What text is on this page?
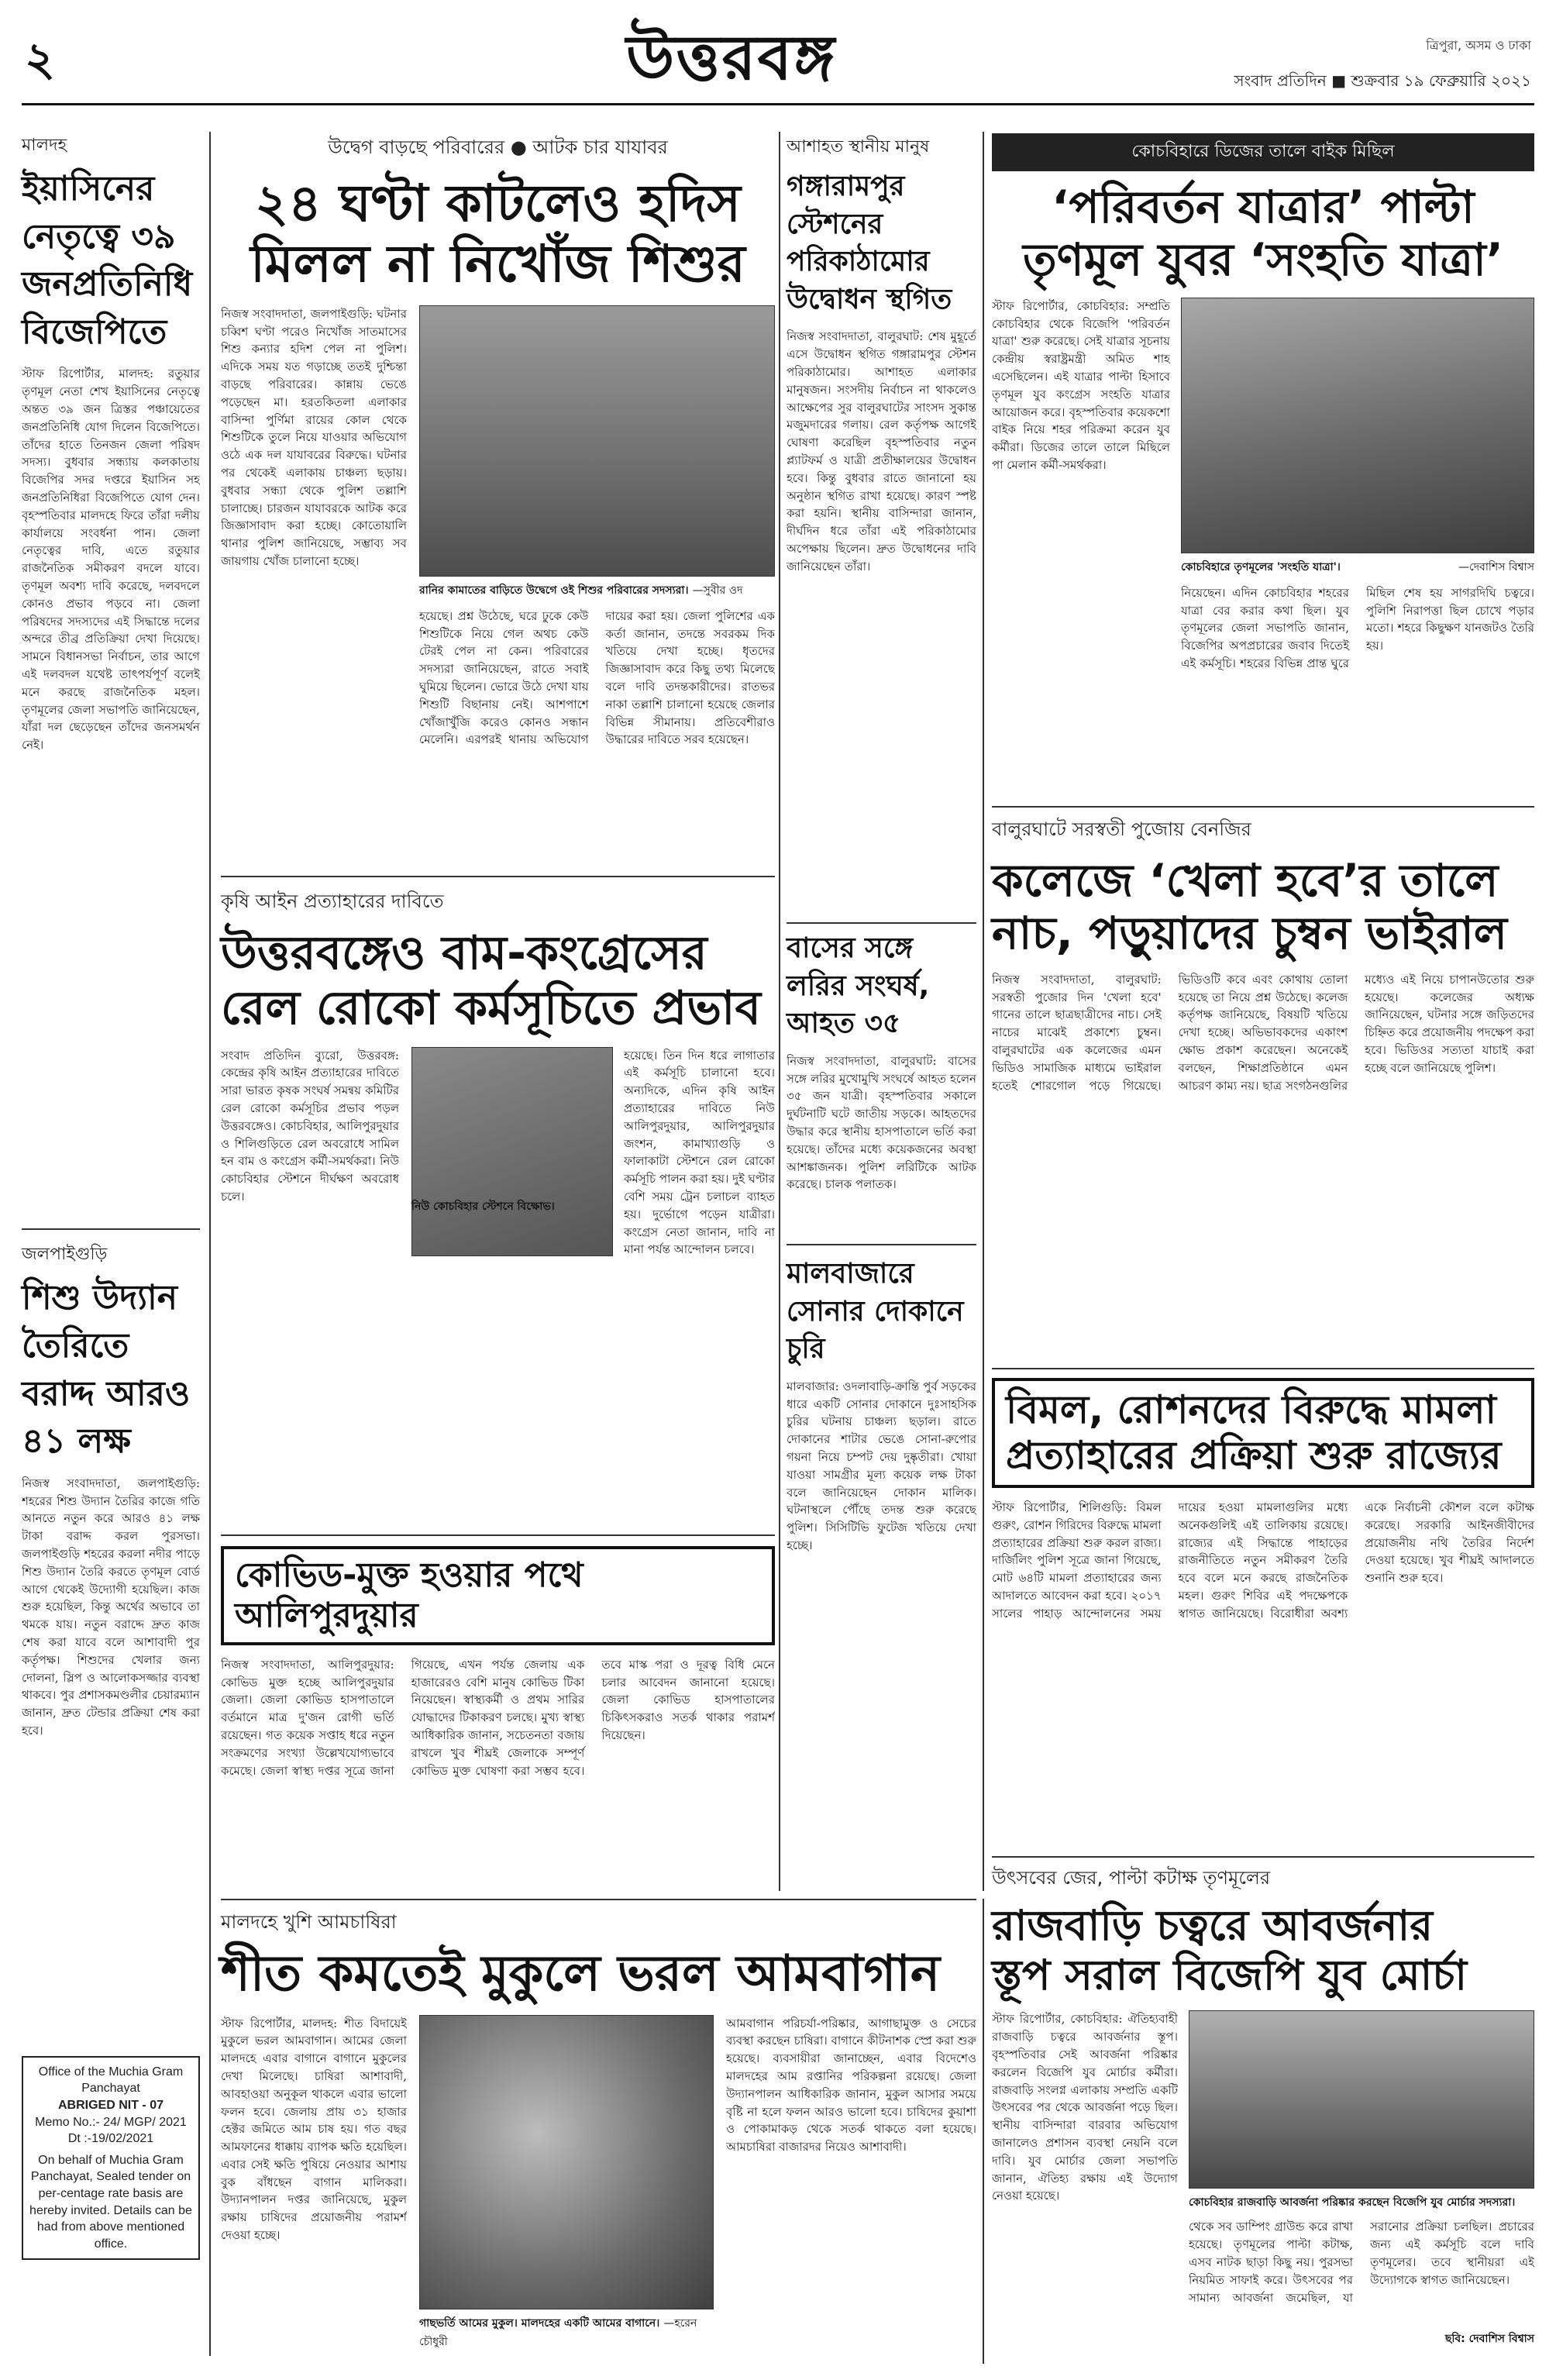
২	উত্তরবঙ্গ	ত্রিপুরা, অসম ও ঢাকা
সংবাদ প্রতিদিন ■ শুক্রবার ১৯ ফেব্রুয়ারি ২০২১
মালদহ
ইয়াসিনের নেতৃত্বে ৩৯ জনপ্রতিনিধি বিজেপিতে
স্টাফ রিপোর্টার, মালদহ: রতুয়ার তৃণমূল নেতা শেখ ইয়াসিনের নেতৃত্বে অন্তত ৩৯ জন ত্রিস্তর পঞ্চায়েতের জনপ্রতিনিধি যোগ দিলেন বিজেপিতে। তাঁদের হাতে তিনজন জেলা পরিষদ সদস্য। বুধবার সন্ধ্যায় কলকাতায় বিজেপির সদর দপ্তরে ইয়াসিন সহ জনপ্রতিনিধিরা বিজেপিতে যোগ দেন। বৃহস্পতিবার মালদহে ফিরে তাঁরা দলীয় কার্যালয়ে সংবর্ধনা পান। জেলা নেতৃত্বের দাবি, এতে রতুয়ার রাজনৈতিক সমীকরণ বদলে যাবে। তৃণমূল অবশ্য দাবি করেছে, দলবদলে কোনও প্রভাব পড়বে না। জেলা পরিষদের সদস্যদের এই সিদ্ধান্তে দলের অন্দরে তীব্র প্রতিক্রিয়া দেখা দিয়েছে। সামনে বিধানসভা নির্বাচন, তার আগে এই দলবদল যথেষ্ট তাৎপর্যপূর্ণ বলেই মনে করছে রাজনৈতিক মহল। তৃণমূলের জেলা সভাপতি জানিয়েছেন, যাঁরা দল ছেড়েছেন তাঁদের জনসমর্থন নেই।
জলপাইগুড়ি
শিশু উদ্যান তৈরিতে বরাদ্দ আরও ৪১ লক্ষ
নিজস্ব সংবাদদাতা, জলপাইগুড়ি: শহরের শিশু উদ্যান তৈরির কাজে গতি আনতে নতুন করে আরও ৪১ লক্ষ টাকা বরাদ্দ করল পুরসভা। জলপাইগুড়ি শহরের করলা নদীর পাড়ে শিশু উদ্যান তৈরি করতে তৃণমূল বোর্ড আগে থেকেই উদ্যোগী হয়েছিল। কাজ শুরু হয়েছিল, কিন্তু অর্থের অভাবে তা থমকে যায়। নতুন বরাদ্দে দ্রুত কাজ শেষ করা যাবে বলে আশাবাদী পুর কর্তৃপক্ষ। শিশুদের খেলার জন্য দোলনা, স্লিপ ও আলোকসজ্জার ব্যবস্থা থাকবে। পুর প্রশাসকমণ্ডলীর চেয়ারম্যান জানান, দ্রুত টেন্ডার প্রক্রিয়া শেষ করা হবে।
Office of the Muchia Gram Panchayat
ABRIGED NIT - 07
Memo No.:- 24/ MGP/ 2021 Dt :-19/02/2021
On behalf of Muchia Gram Panchayat, Sealed tender on per-centage rate basis are hereby invited. Details can be had from above mentioned office.
উদ্বেগ বাড়ছে পরিবারের ● আটক চার যাযাবর
২৪ ঘণ্টা কাটলেও হদিস
মিলল না নিখোঁজ শিশুর
নিজস্ব সংবাদদাতা, জলপাইগুড়ি: ঘটনার চব্বিশ ঘণ্টা পরেও নিখোঁজ সাতমাসের শিশু কন্যার হদিশ পেল না পুলিশ। এদিকে সময় যত গড়াচ্ছে ততই দুশ্চিন্তা বাড়ছে পরিবারের। কান্নায় ভেঙে পড়েছেন মা। হরতকিতলা এলাকার বাসিন্দা পুর্ণিমা রায়ের কোল থেকে শিশুটিকে তুলে নিয়ে যাওয়ার অভিযোগ ওঠে এক দল যাযাবরের বিরুদ্ধে। ঘটনার পর থেকেই এলাকায় চাঞ্চল্য ছড়ায়। বুধবার সন্ধ্যা থেকে পুলিশ তল্লাশি চালাচ্ছে। চারজন যাযাবরকে আটক করে জিজ্ঞাসাবাদ করা হচ্ছে। কোতোয়ালি থানার পুলিশ জানিয়েছে, সম্ভাব্য সব জায়গায় খোঁজ চালানো হচ্ছে।
রানির কামাতের বাড়িতে উদ্বেগে ওই শিশুর পরিবারের সদস্যরা। —সুবীর ওদ
হয়েছে। প্রশ্ন উঠেছে, ঘরে ঢুকে কেউ শিশুটিকে নিয়ে গেল অথচ কেউ টেরই পেল না কেন। পরিবারের সদস্যরা জানিয়েছেন, রাতে সবাই ঘুমিয়ে ছিলেন। ভোরে উঠে দেখা যায় শিশুটি বিছানায় নেই। আশপাশে খোঁজাখুঁজি করেও কোনও সন্ধান মেলেনি। এরপরই থানায় অভিযোগ দায়ের করা হয়। জেলা পুলিশের এক কর্তা জানান, তদন্তে সবরকম দিক খতিয়ে দেখা হচ্ছে। ধৃতদের জিজ্ঞাসাবাদ করে কিছু তথ্য মিলেছে বলে দাবি তদন্তকারীদের। রাতভর নাকা তল্লাশি চালানো হয়েছে জেলার বিভিন্ন সীমানায়। প্রতিবেশীরাও উদ্ধারের দাবিতে সরব হয়েছেন।
কৃষি আইন প্রত্যাহারের দাবিতে
উত্তরবঙ্গেও বাম-কংগ্রেসের
রেল রোকো কর্মসূচিতে প্রভাব
সংবাদ প্রতিদিন ব্যুরো, উত্তরবঙ্গ: কেন্দ্রের কৃষি আইন প্রত্যাহারের দাবিতে সারা ভারত কৃষক সংঘর্ষ সমন্বয় কমিটির রেল রোকো কর্মসূচির প্রভাব পড়ল উত্তরবঙ্গেও। কোচবিহার, আলিপুরদুয়ার ও শিলিগুড়িতে রেল অবরোধে সামিল হন বাম ও কংগ্রেস কর্মী-সমর্থকরা। নিউ কোচবিহার স্টেশনে দীর্ঘক্ষণ অবরোধ চলে।
হয়েছে। তিন দিন ধরে লাগাতার এই কর্মসূচি চালানো হবে। অন্যদিকে, এদিন কৃষি আইন প্রত্যাহারের দাবিতে নিউ আলিপুরদুয়ার, আলিপুরদুয়ার জংশন, কামাখ্যাগুড়ি ও ফালাকাটা স্টেশনে রেল রোকো কর্মসূচি পালন করা হয়। দুই ঘণ্টার বেশি সময় ট্রেন চলাচল ব্যাহত হয়। দুর্ভোগে পড়েন যাত্রীরা। কংগ্রেস নেতা জানান, দাবি না মানা পর্যন্ত আন্দোলন চলবে।
নিউ কোচবিহার স্টেশনে বিক্ষোভ।
কোভিড-মুক্ত হওয়ার পথে আলিপুরদুয়ার
নিজস্ব সংবাদদাতা, আলিপুরদুয়ার: কোভিড মুক্ত হচ্ছে আলিপুরদুয়ার জেলা। জেলা কোভিড হাসপাতালে বর্তমানে মাত্র দু'জন রোগী ভর্তি রয়েছেন। গত কয়েক সপ্তাহ ধরে নতুন সংক্রমণের সংখ্যা উল্লেখযোগ্যভাবে কমেছে। জেলা স্বাস্থ্য দপ্তর সূত্রে জানা গিয়েছে, এখন পর্যন্ত জেলায় এক হাজারেরও বেশি মানুষ কোভিড টিকা নিয়েছেন। স্বাস্থ্যকর্মী ও প্রথম সারির যোদ্ধাদের টিকাকরণ চলছে। মুখ্য স্বাস্থ্য আধিকারিক জানান, সচেতনতা বজায় রাখলে খুব শীঘ্রই জেলাকে সম্পূর্ণ কোভিড মুক্ত ঘোষণা করা সম্ভব হবে। তবে মাস্ক পরা ও দূরত্ব বিধি মেনে চলার আবেদন জানানো হয়েছে। জেলা কোভিড হাসপাতালের চিকিৎসকরাও সতর্ক থাকার পরামর্শ দিয়েছেন।
আশাহত স্থানীয় মানুষ
গঙ্গারামপুর স্টেশনের পরিকাঠামোর উদ্বোধন স্থগিত
নিজস্ব সংবাদদাতা, বালুরঘাট: শেষ মুহূর্তে এসে উদ্বোধন স্থগিত গঙ্গারামপুর স্টেশন পরিকাঠামোর। আশাহত এলাকার মানুষজন। সংসদীয় নির্বাচন না থাকলেও আক্ষেপের সুর বালুরঘাটের সাংসদ সুকান্ত মজুমদারের গলায়। রেল কর্তৃপক্ষ আগেই ঘোষণা করেছিল বৃহস্পতিবার নতুন প্ল্যাটফর্ম ও যাত্রী প্রতীক্ষালয়ের উদ্বোধন হবে। কিন্তু বুধবার রাতে জানানো হয় অনুষ্ঠান স্থগিত রাখা হয়েছে। কারণ স্পষ্ট করা হয়নি। স্থানীয় বাসিন্দারা জানান, দীর্ঘদিন ধরে তাঁরা এই পরিকাঠামোর অপেক্ষায় ছিলেন। দ্রুত উদ্বোধনের দাবি জানিয়েছেন তাঁরা।
বাসের সঙ্গে লরির সংঘর্ষ, আহত ৩৫
নিজস্ব সংবাদদাতা, বালুরঘাট: বাসের সঙ্গে লরির মুখোমুখি সংঘর্ষে আহত হলেন ৩৫ জন যাত্রী। বৃহস্পতিবার সকালে দুর্ঘটনাটি ঘটে জাতীয় সড়কে। আহতদের উদ্ধার করে স্থানীয় হাসপাতালে ভর্তি করা হয়েছে। তাঁদের মধ্যে কয়েকজনের অবস্থা আশঙ্কাজনক। পুলিশ লরিটিকে আটক করেছে। চালক পলাতক।
মালবাজারে সোনার দোকানে চুরি
মালবাজার: ওদলাবাড়ি-ক্রান্তি পুর্ব সড়কের ধারে একটি সোনার দোকানে দুঃসাহসিক চুরির ঘটনায় চাঞ্চল্য ছড়াল। রাতে দোকানের শাটার ভেঙে সোনা-রুপোর গয়না নিয়ে চম্পট দেয় দুষ্কৃতীরা। খোয়া যাওয়া সামগ্রীর মূল্য কয়েক লক্ষ টাকা বলে জানিয়েছেন দোকান মালিক। ঘটনাস্থলে পৌঁছে তদন্ত শুরু করেছে পুলিশ। সিসিটিভি ফুটেজ খতিয়ে দেখা হচ্ছে।
কোচবিহারে ডিজের তালে বাইক মিছিল
‘পরিবর্তন যাত্রার’ পাল্টা
তৃণমূল যুবর ‘সংহতি যাত্রা’
স্টাফ রিপোর্টার, কোচবিহার: সম্প্রতি কোচবিহার থেকে বিজেপি 'পরিবর্তন যাত্রা' শুরু করেছে। সেই যাত্রার সূচনায় কেন্দ্রীয় স্বরাষ্ট্রমন্ত্রী অমিত শাহ এসেছিলেন। এই যাত্রার পাল্টা হিসাবে তৃণমূল যুব কংগ্রেস সংহতি যাত্রার আয়োজন করে। বৃহস্পতিবার কয়েকশো বাইক নিয়ে শহর পরিক্রমা করেন যুব কর্মীরা। ডিজের তালে তালে মিছিলে পা মেলান কর্মী-সমর্থকরা।
কোচবিহারে তৃণমূলের 'সংহতি যাত্রা'।	—দেবাশিস বিশ্বাস
নিয়েছেন। এদিন কোচবিহার শহরের যাত্রা বের করার কথা ছিল। যুব তৃণমূলের জেলা সভাপতি জানান, বিজেপির অপপ্রচারের জবাব দিতেই এই কর্মসূচি। শহরের বিভিন্ন প্রান্ত ঘুরে মিছিল শেষ হয় সাগরদিঘি চত্বরে। পুলিশি নিরাপত্তা ছিল চোখে পড়ার মতো। শহরে কিছুক্ষণ যানজটও তৈরি হয়।
বালুরঘাটে সরস্বতী পুজোয় বেনজির
কলেজে ‘খেলা হবে’র তালে
নাচ, পড়ুয়াদের চুম্বন ভাইরাল
নিজস্ব সংবাদদাতা, বালুরঘাট: সরস্বতী পুজোর দিন 'খেলা হবে' গানের তালে ছাত্রছাত্রীদের নাচ। সেই নাচের মাঝেই প্রকাশ্যে চুম্বন। বালুরঘাটের এক কলেজের এমন ভিডিও সামাজিক মাধ্যমে ভাইরাল হতেই শোরগোল পড়ে গিয়েছে। ভিডিওটি কবে এবং কোথায় তোলা হয়েছে তা নিয়ে প্রশ্ন উঠেছে। কলেজ কর্তৃপক্ষ জানিয়েছে, বিষয়টি খতিয়ে দেখা হচ্ছে। অভিভাবকদের একাংশ ক্ষোভ প্রকাশ করেছেন। অনেকেই বলছেন, শিক্ষাপ্রতিষ্ঠানে এমন আচরণ কাম্য নয়। ছাত্র সংগঠনগুলির মধ্যেও এই নিয়ে চাপানউতোর শুরু হয়েছে। কলেজের অধ্যক্ষ জানিয়েছেন, ঘটনার সঙ্গে জড়িতদের চিহ্নিত করে প্রয়োজনীয় পদক্ষেপ করা হবে। ভিডিওর সত্যতা যাচাই করা হচ্ছে বলে জানিয়েছে পুলিশ।
বিমল, রোশনদের বিরুদ্ধে মামলা
প্রত্যাহারের প্রক্রিয়া শুরু রাজ্যের
স্টাফ রিপোর্টার, শিলিগুড়ি: বিমল গুরুং, রোশন গিরিদের বিরুদ্ধে মামলা প্রত্যাহারের প্রক্রিয়া শুরু করল রাজ্য। দার্জিলিং পুলিশ সূত্রে জানা গিয়েছে, মোট ৬৪টি মামলা প্রত্যাহারের জন্য আদালতে আবেদন করা হবে। ২০১৭ সালের পাহাড় আন্দোলনের সময় দায়ের হওয়া মামলাগুলির মধ্যে অনেকগুলিই এই তালিকায় রয়েছে। রাজ্যের এই সিদ্ধান্তে পাহাড়ের রাজনীতিতে নতুন সমীকরণ তৈরি হবে বলে মনে করছে রাজনৈতিক মহল। গুরুং শিবির এই পদক্ষেপকে স্বাগত জানিয়েছে। বিরোধীরা অবশ্য একে নির্বাচনী কৌশল বলে কটাক্ষ করেছে। সরকারি আইনজীবীদের প্রয়োজনীয় নথি তৈরির নির্দেশ দেওয়া হয়েছে। খুব শীঘ্রই আদালতে শুনানি শুরু হবে।
মালদহে খুশি আমচাষিরা
শীত কমতেই মুকুলে ভরল আমবাগান
স্টাফ রিপোর্টার, মালদহ: শীত বিদায়েই মুকুলে ভরল আমবাগান। আমের জেলা মালদহে এবার বাগানে বাগানে মুকুলের দেখা মিলেছে। চাষিরা আশাবাদী, আবহাওয়া অনুকূল থাকলে এবার ভালো ফলন হবে। জেলায় প্রায় ৩১ হাজার হেক্টর জমিতে আম চাষ হয়। গত বছর আমফানের ধাক্কায় ব্যাপক ক্ষতি হয়েছিল। এবার সেই ক্ষতি পুষিয়ে নেওয়ার আশায় বুক বাঁধছেন বাগান মালিকরা। উদ্যানপালন দপ্তর জানিয়েছে, মুকুল রক্ষায় চাষিদের প্রয়োজনীয় পরামর্শ দেওয়া হচ্ছে।
গাছভর্তি আমের মুকুল। মালদহের একটি আমের বাগানে। —হরেন চৌধুরী
আমবাগান পরিচর্যা-পরিষ্কার, আগাছামুক্ত ও সেচের ব্যবস্থা করছেন চাষিরা। বাগানে কীটনাশক স্প্রে করা শুরু হয়েছে। ব্যবসায়ীরা জানাচ্ছেন, এবার বিদেশেও মালদহের আম রপ্তানির পরিকল্পনা রয়েছে। জেলা উদ্যানপালন আধিকারিক জানান, মুকুল আসার সময়ে বৃষ্টি না হলে ফলন আরও ভালো হবে। চাষিদের কুয়াশা ও পোকামাকড় থেকে সতর্ক থাকতে বলা হয়েছে। আমচাষিরা বাজারদর নিয়েও আশাবাদী।
উৎসবের জের, পাল্টা কটাক্ষ তৃণমূলের
রাজবাড়ি চত্বরে আবর্জনার
স্তূপ সরাল বিজেপি যুব মোর্চা
স্টাফ রিপোর্টার, কোচবিহার: ঐতিহ্যবাহী রাজবাড়ি চত্বরে আবর্জনার স্তূপ। বৃহস্পতিবার সেই আবর্জনা পরিষ্কার করলেন বিজেপি যুব মোর্চার কর্মীরা। রাজবাড়ি সংলগ্ন এলাকায় সম্প্রতি একটি উৎসবের পর থেকে আবর্জনা পড়ে ছিল। স্থানীয় বাসিন্দারা বারবার অভিযোগ জানালেও প্রশাসন ব্যবস্থা নেয়নি বলে দাবি। যুব মোর্চার জেলা সভাপতি জানান, ঐতিহ্য রক্ষায় এই উদ্যোগ নেওয়া হয়েছে।
কোচবিহার রাজবাড়ি আবর্জনা পরিষ্কার করছেন বিজেপি যুব মোর্চার সদস্যরা।
থেকে সব ডাম্পিং গ্রাউন্ড করে রাখা হয়েছে। তৃণমূলের পাল্টা কটাক্ষ, এসব নাটক ছাড়া কিছু নয়। পুরসভা নিয়মিত সাফাই করে। উৎসবের পর সামান্য আবর্জনা জমেছিল, যা সরানোর প্রক্রিয়া চলছিল। প্রচারের জন্য এই কর্মসূচি বলে দাবি তৃণমূলের। তবে স্থানীয়রা এই উদ্যোগকে স্বাগত জানিয়েছেন।
ছবি: দেবাশিস বিশ্বাস
